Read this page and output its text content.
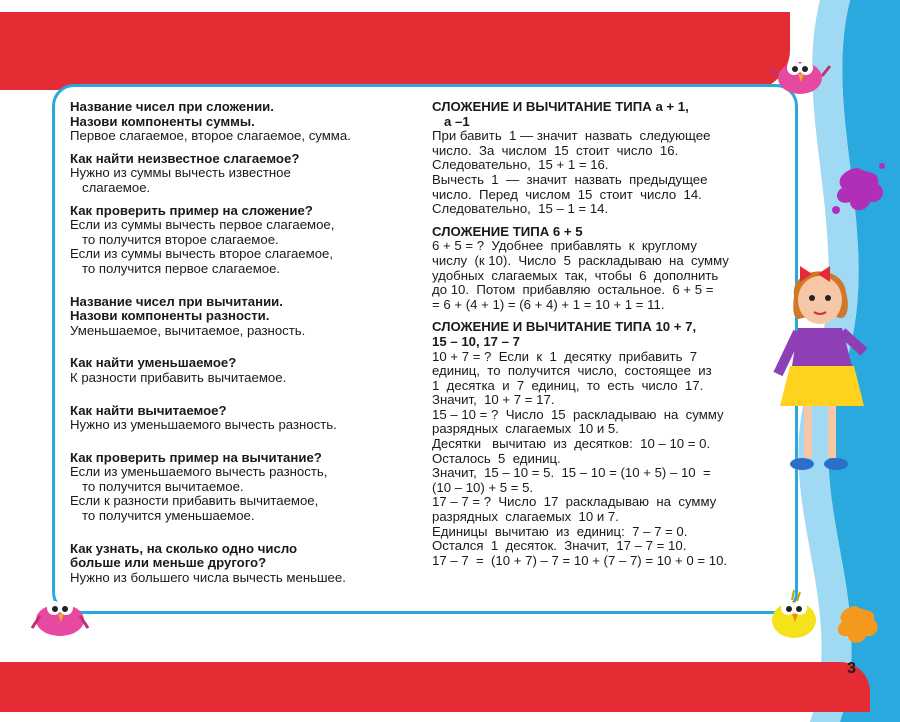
Название чисел при сложении.
Назови компоненты суммы.
Первое слагаемое, второе слагаемое, сумма.
Как найти неизвестное слагаемое?
Нужно из суммы вычесть известное
слагаемое.
Как проверить пример на сложение?
Если из суммы вычесть первое слагаемое,
то получится второе слагаемое.
Если из суммы вычесть второе слагаемое,
то получится первое слагаемое.
Название чисел при вычитании.
Назови компоненты разности.
Уменьшаемое, вычитаемое, разность.
Как найти уменьшаемое?
К разности прибавить вычитаемое.
Как найти вычитаемое?
Нужно из уменьшаемого вычесть разность.
Как проверить пример на вычитание?
Если из уменьшаемого вычесть разность,
то получится вычитаемое.
Если к разности прибавить вычитаемое,
то получится уменьшаемое.
Как узнать, на сколько одно число
больше или меньше другого?
Нужно из большего числа вычесть меньшее.
СЛОЖЕНИЕ И ВЫЧИТАНИЕ ТИПА а + 1,
а –1
При бавить  1 — значит  назвать  следующее
число.  За  числом  15  стоит  число  16.
Следовательно,  15 + 1 = 16.
Вычесть  1  —  значит  назвать  предыдущее
число.  Перед  числом  15  стоит  число  14.
Следовательно,  15 – 1 = 14.
СЛОЖЕНИЕ ТИПА 6 + 5
6 + 5 = ?  Удобнее  прибавлять  к  круглому
числу  (к 10).  Число  5  раскладываю  на  сумму
удобных  слагаемых  так,  чтобы  6  дополнить
до 10.  Потом  прибавляю  остальное.  6 + 5 =
= 6 + (4 + 1) = (6 + 4) + 1 = 10 + 1 = 11.
СЛОЖЕНИЕ И ВЫЧИТАНИЕ ТИПА 10 + 7,
15 – 10, 17 – 7
10 + 7 = ?  Если  к  1  десятку  прибавить  7
единиц,  то  получится  число,  состоящее  из
1  десятка  и  7  единиц,  то  есть  число  17.
Значит,  10 + 7 = 17.
15 – 10 = ?  Число  15  раскладываю  на  сумму
разрядных  слагаемых  10 и 5.
Десятки   вычитаю  из  десятков:  10 – 10 = 0.
Осталось  5  единиц.
Значит,  15 – 10 = 5.  15 – 10 = (10 + 5) – 10  =
(10 – 10) + 5 = 5.
17 – 7 = ?  Число  17  раскладываю  на  сумму
разрядных  слагаемых  10 и 7.
Единицы  вычитаю  из  единиц:  7 – 7 = 0.
Остался  1  десяток.  Значит,  17 – 7 = 10.
17 – 7  =  (10 + 7) – 7 = 10 + (7 – 7) = 10 + 0 = 10.
3
